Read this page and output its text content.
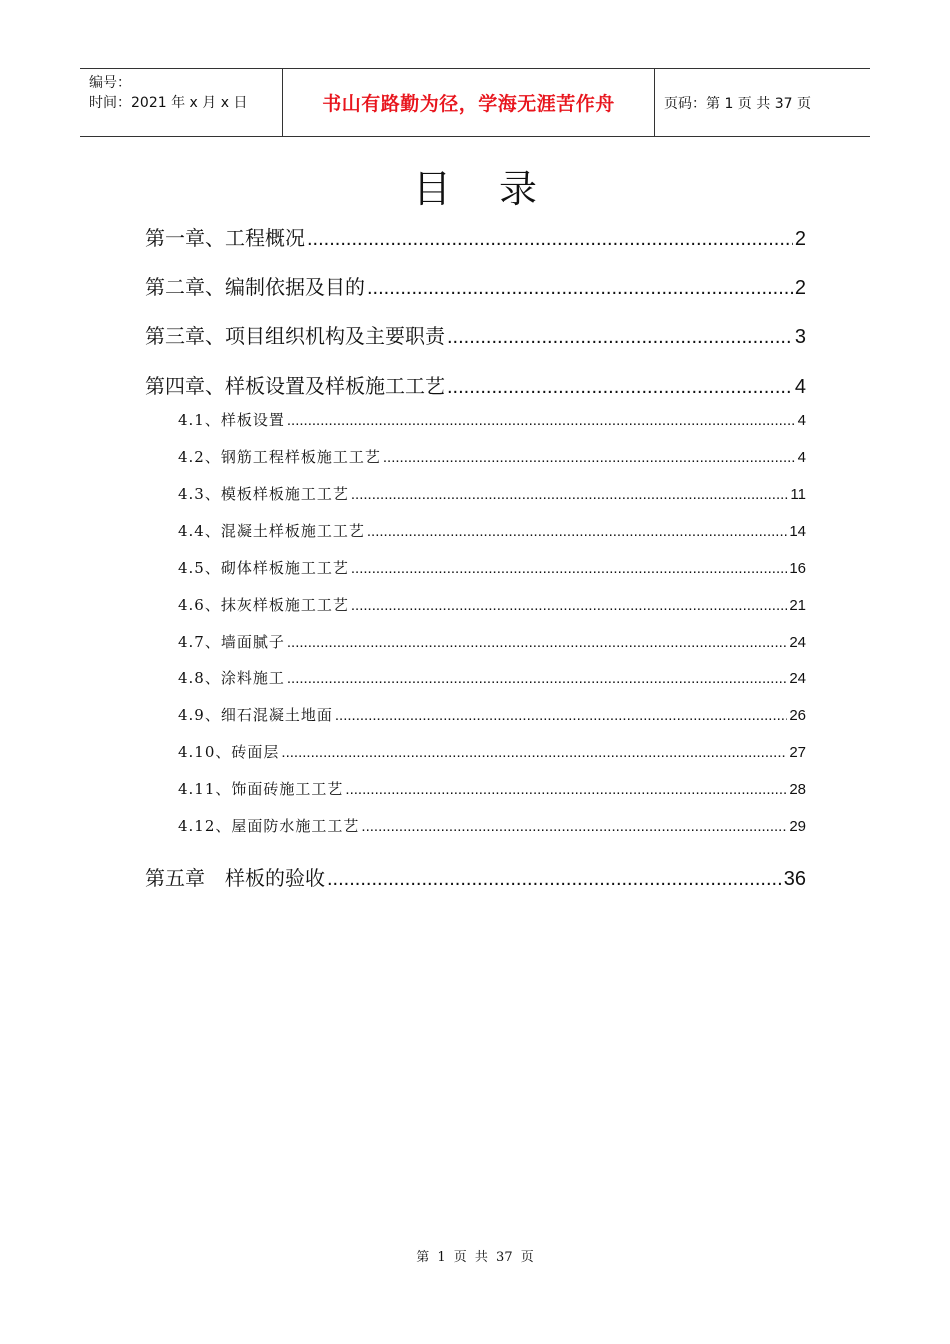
编号：
时间：2021 年 x 月 x 日	书山有路勤为径，学海无涯苦作舟	页码：第 1 页 共 37 页
目 录
第一章、工程概况 .....	2
第二章、编制依据及目的 .....	2
第三章、项目组织机构及主要职责 .....	3
第四章、样板设置及样板施工工艺 .....	4
4.1、样板设置 .....	4
4.2、钢筋工程样板施工工艺 .....	4
4.3、模板样板施工工艺 .....	11
4.4、混凝土样板施工工艺 .....	14
4.5、砌体样板施工工艺 .....	16
4.6、抹灰样板施工工艺 .....	21
4.7、墙面腻子 .....	24
4.8、涂料施工 .....	24
4.9、细石混凝土地面 .....	26
4.10、砖面层 .....	27
4.11、饰面砖施工工艺 .....	28
4.12、屋面防水施工工艺 .....	29
第五章　样板的验收 .....	36
第 1 页 共 37 页
